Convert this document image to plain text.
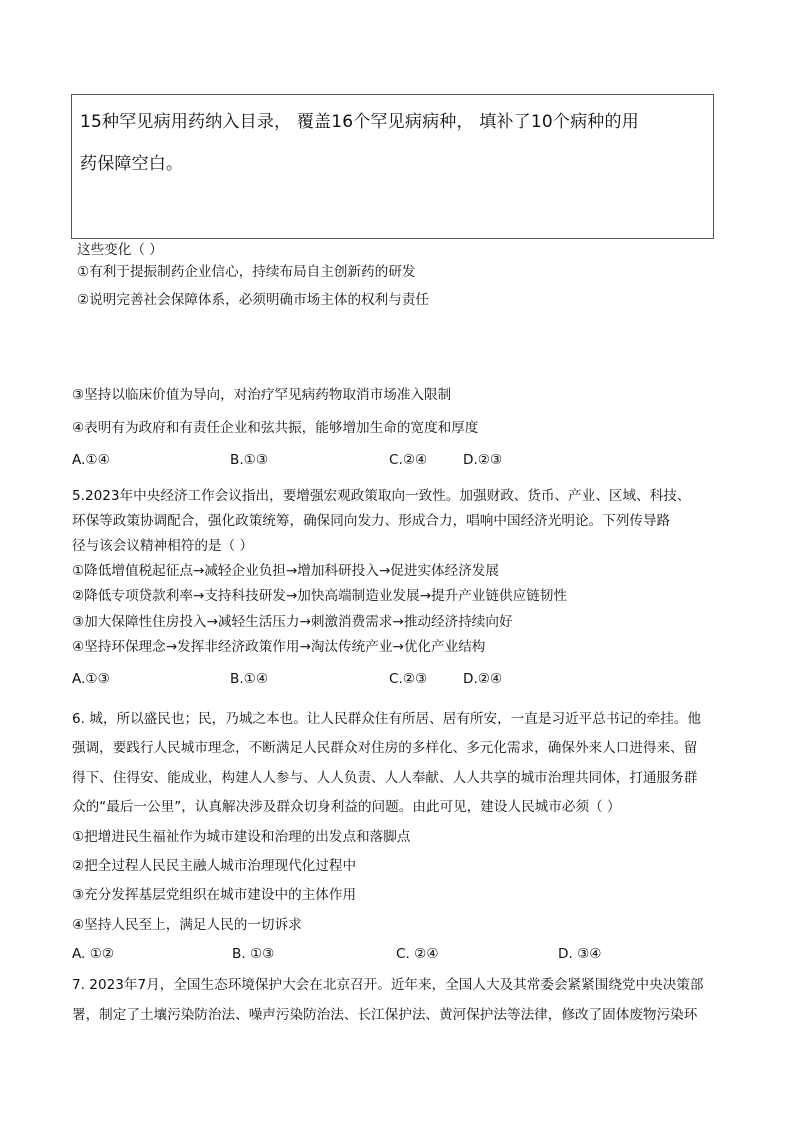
15种罕见病用药纳入目录， 覆盖16个罕见病病种， 填补了10个病种的用
药保障空白。
这些变化（ ）
①有利于提振制药企业信心，持续布局自主创新药的研发
②说明完善社会保障体系，必须明确市场主体的权利与责任
③坚持以临床价值为导向，对治疗罕见病药物取消市场准入限制
④表明有为政府和有责任企业和弦共振，能够增加生命的宽度和厚度
A.①④	B.①③	C.②④	D.②③
5.2023年中央经济工作会议指出，要增强宏观政策取向一致性。加强财政、货币、产业、区域、科技、
环保等政策协调配合，强化政策统筹，确保同向发力、形成合力，唱响中国经济光明论。下列传导路
径与该会议精神相符的是（ ）
①降低增值税起征点→减轻企业负担→增加科研投入→促进实体经济发展
②降低专项贷款利率→支持科技研发→加快高端制造业发展→提升产业链供应链韧性
③加大保障性住房投入→减轻生活压力→刺激消费需求→推动经济持续向好
④坚持环保理念→发挥非经济政策作用→淘汰传统产业→优化产业结构
A.①③	B.①④	C.②③	D.②④
6. 城，所以盛民也；民，乃城之本也。让人民群众住有所居、居有所安，一直是习近平总书记的牵挂。他
强调，要践行人民城市理念，不断满足人民群众对住房的多样化、多元化需求，确保外来人口进得来、留
得下、住得安、能成业，构建人人参与、人人负责、人人奉献、人人共享的城市治理共同体，打通服务群
众的“最后一公里”，认真解决涉及群众切身利益的问题。由此可见，建设人民城市必须（ ）
①把增进民生福祉作为城市建设和治理的出发点和落脚点
②把全过程人民民主融人城市治理现代化过程中
③充分发挥基层党组织在城市建设中的主体作用
④坚持人民至上，满足人民的一切诉求
A. ①②	B. ①③	C. ②④	D. ③④
7. 2023年7月，全国生态环境保护大会在北京召开。近年来，全国人大及其常委会紧紧围绕党中央决策部
署，制定了土壤污染防治法、噪声污染防治法、长江保护法、黄河保护法等法律，修改了固体废物污染环
